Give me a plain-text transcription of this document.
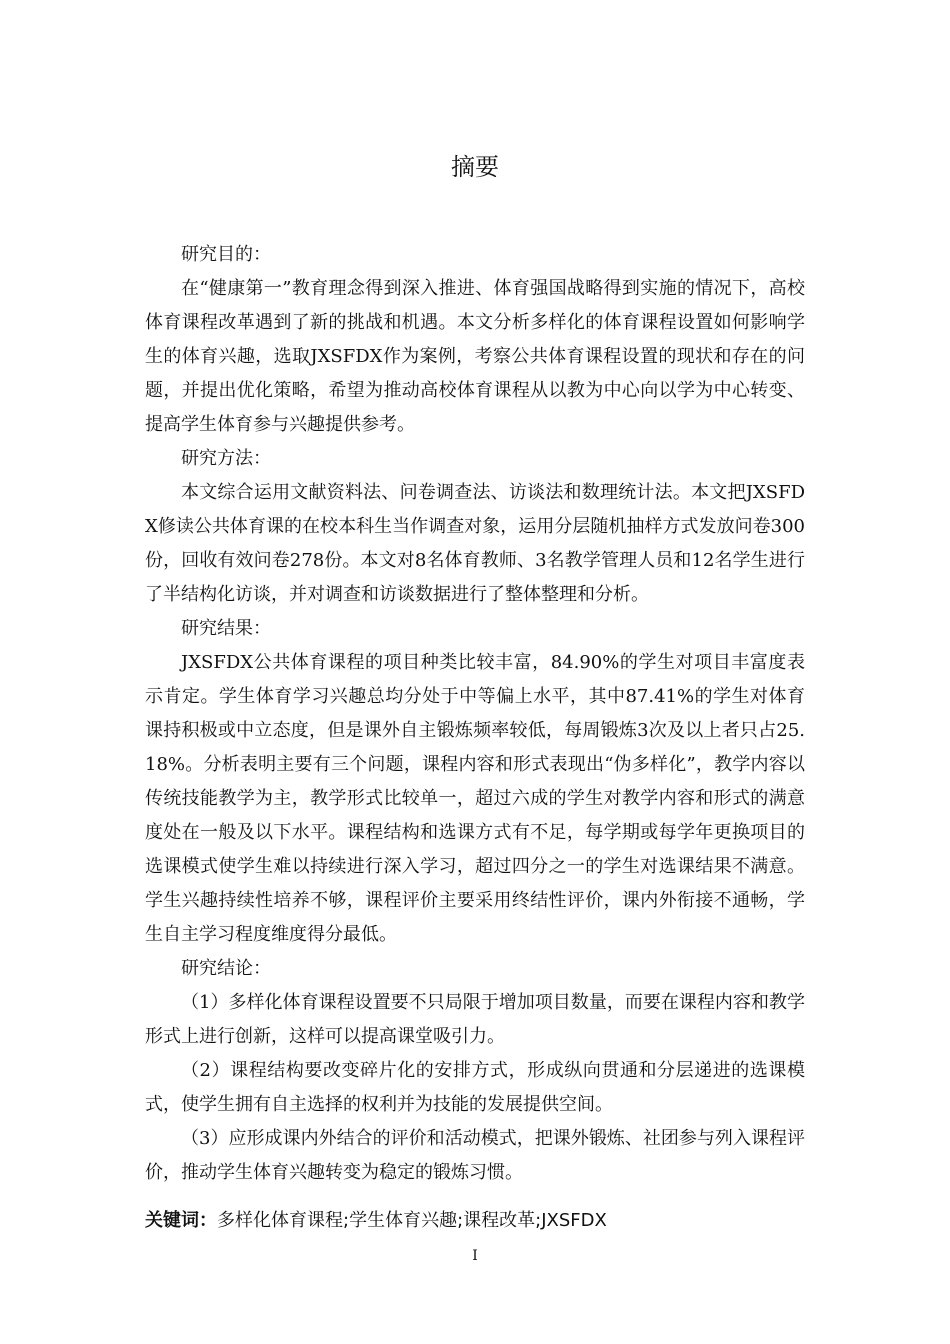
摘要

研究目的：

在“健康第一”教育理念得到深入推进、体育强国战略得到实施的情况下，高校体育课程改革遇到了新的挑战和机遇。本文分析多样化的体育课程设置如何影响学生的体育兴趣，选取JXSFDX作为案例，考察公共体育课程设置的现状和存在的问题，并提出优化策略，希望为推动高校体育课程从以教为中心向以学为中心转变、提高学生体育参与兴趣提供参考。

研究方法：

本文综合运用文献资料法、问卷调查法、访谈法和数理统计法。本文把JXSFDX修读公共体育课的在校本科生当作调查对象，运用分层随机抽样方式发放问卷300份，回收有效问卷278份。本文对8名体育教师、3名教学管理人员和12名学生进行了半结构化访谈，并对调查和访谈数据进行了整体整理和分析。

研究结果：

JXSFDX公共体育课程的项目种类比较丰富，84.90%的学生对项目丰富度表示肯定。学生体育学习兴趣总均分处于中等偏上水平，其中87.41%的学生对体育课持积极或中立态度，但是课外自主锻炼频率较低，每周锻炼3次及以上者只占25.18%。分析表明主要有三个问题，课程内容和形式表现出“伪多样化”，教学内容以传统技能教学为主，教学形式比较单一，超过六成的学生对教学内容和形式的满意度处在一般及以下水平。课程结构和选课方式有不足，每学期或每学年更换项目的选课模式使学生难以持续进行深入学习，超过四分之一的学生对选课结果不满意。学生兴趣持续性培养不够，课程评价主要采用终结性评价，课内外衔接不通畅，学生自主学习程度维度得分最低。

研究结论：

（1）多样化体育课程设置要不只局限于增加项目数量，而要在课程内容和教学形式上进行创新，这样可以提高课堂吸引力。

（2）课程结构要改变碎片化的安排方式，形成纵向贯通和分层递进的选课模式，使学生拥有自主选择的权利并为技能的发展提供空间。

（3）应形成课内外结合的评价和活动模式，把课外锻炼、社团参与列入课程评价，推动学生体育兴趣转变为稳定的锻炼习惯。

关键词：多样化体育课程;学生体育兴趣;课程改革;JXSFDX
I
